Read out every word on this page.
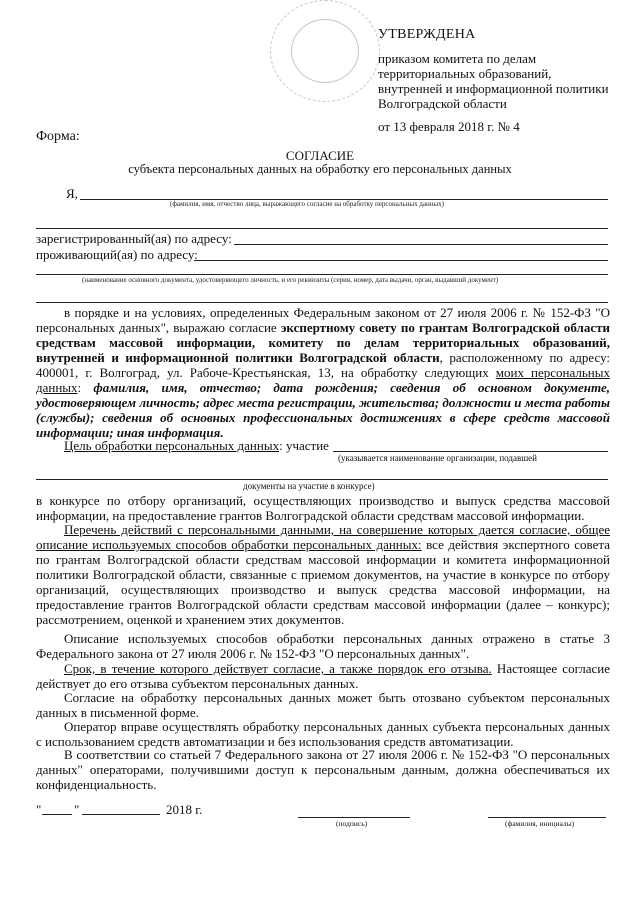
УТВЕРЖДЕНА
приказом комитета по делам территориальных образований, внутренней и информационной политики Волгоградской области
от 13 февраля 2018 г. № 4
Форма:
СОГЛАСИЕ
субъекта персональных данных на обработку его персональных данных
Я,
(фамилия, имя, отчество лица, выражающего согласие на обработку персональных данных)
зарегистрированный(ая) по адресу:
проживающий(ая) по адресу:
(наименование основного документа, удостоверяющего личность, и его реквизиты (серия, номер, дата выдачи, орган, выдавший документ)
в порядке и на условиях, определенных Федеральным законом от 27 июля 2006 г. № 152-ФЗ "О персональных данных", выражаю согласие экспертному совету по грантам Волгоградской области средствам массовой информации, комитету по делам территориальных образований, внутренней и информационной политики Волгоградской области, расположенному по адресу: 400001, г. Волгоград, ул. Рабоче-Крестьянская, 13, на обработку следующих моих персональных данных: фамилия, имя, отчество; дата рождения; сведения об основном документе, удостоверяющем личность; адрес места регистрации, жительства; должности и места работы (службы); сведения об основных профессиональных достижениях в сфере средств массовой информации; иная информация.
Цель обработки персональных данных: участие
(указывается наименование организации, подавшей
документы на участие в конкурсе)
в конкурсе по отбору организаций, осуществляющих производство и выпуск средства массовой информации, на предоставление грантов Волгоградской области средствам массовой информации.
Перечень действий с персональными данными, на совершение которых дается согласие, общее описание используемых способов обработки персональных данных: все действия экспертного совета по грантам Волгоградской области средствам массовой информации и комитета информационной политики Волгоградской области, связанные с приемом документов, на участие в конкурсе по отбору организаций, осуществляющих производство и выпуск средства массовой информации, на предоставление грантов Волгоградской области средствам массовой информации (далее – конкурс); рассмотрением, оценкой и хранением этих документов.
Описание используемых способов обработки персональных данных отражено в статье 3 Федерального закона от 27 июля 2006 г. № 152-ФЗ "О персональных данных".
Срок, в течение которого действует согласие, а также порядок его отзыва. Настоящее согласие действует до его отзыва субъектом персональных данных.
Согласие на обработку персональных данных может быть отозвано субъектом персональных данных в письменной форме.
Оператор вправе осуществлять обработку персональных данных субъекта персональных данных с использованием средств автоматизации и без использования средств автоматизации.
В соответствии со статьей 7 Федерального закона от 27 июля 2006 г. № 152-ФЗ "О персональных данных" операторами, получившими доступ к персональным данным, должна обеспечиваться их конфиденциальность.
"	"	2018 г.
(подпись)	(фамилия, инициалы)
